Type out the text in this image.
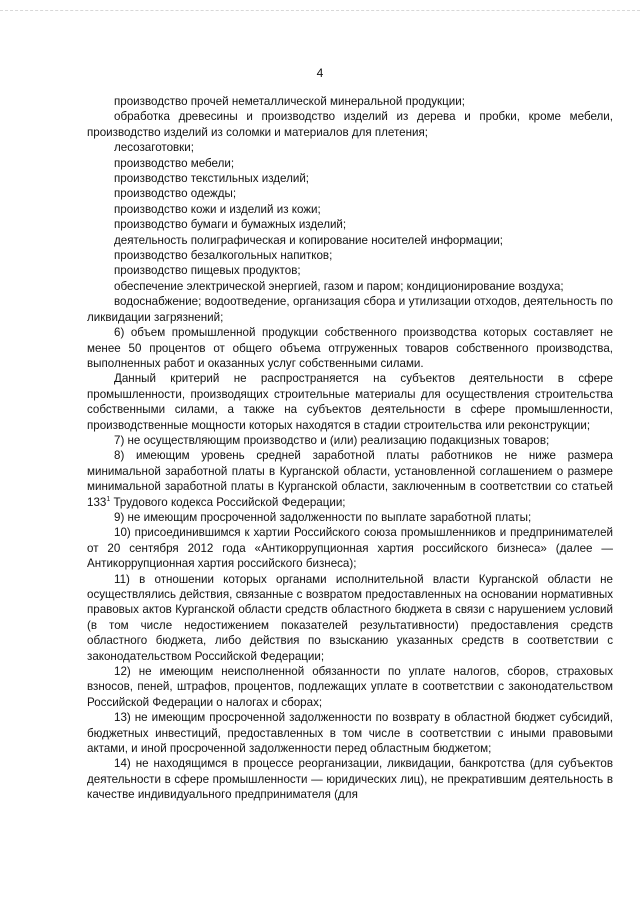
4

производство прочей неметаллической минеральной продукции;

обработка древесины и производство изделий из дерева и пробки, кроме мебели, производство изделий из соломки и материалов для плетения;

лесозаготовки;

производство мебели;

производство текстильных изделий;

производство одежды;

производство кожи и изделий из кожи;

производство бумаги и бумажных изделий;

деятельность полиграфическая и копирование носителей информации;

производство безалкогольных напитков;

производство пищевых продуктов;

обеспечение электрической энергией, газом и паром; кондиционирование воздуха;

водоснабжение; водоотведение, организация сбора и утилизации отходов, деятельность по ликвидации загрязнений;

6) объем промышленной продукции собственного производства которых составляет не менее 50 процентов от общего объема отгруженных товаров собственного производства, выполненных работ и оказанных услуг собственными силами.

Данный критерий не распространяется на субъектов деятельности в сфере промышленности, производящих строительные материалы для осуществления строительства собственными силами, а также на субъектов деятельности в сфере промышленности, производственные мощности которых находятся в стадии строительства или реконструкции;

7) не осуществляющим производство и (или) реализацию подакцизных товаров;

8) имеющим уровень средней заработной платы работников не ниже размера минимальной заработной платы в Курганской области, установленной соглашением о размере минимальной заработной платы в Курганской области, заключенным в соответствии со статьей $133^1$ Трудового кодекса Российской Федерации;

9) не имеющим просроченной задолженности по выплате заработной платы;

10) присоединившимся к хартии Российского союза промышленников и предпринимателей от 20 сентября 2012 года «Антикоррупционная хартия российского бизнеса» (далее — Антикоррупционная хартия российского бизнеса);

11) в отношении которых органами исполнительной власти Курганской области не осуществлялись действия, связанные с возвратом предоставленных на основании нормативных правовых актов Курганской области средств областного бюджета в связи с нарушением условий (в том числе недостижением показателей результативности) предоставления средств областного бюджета, либо действия по взысканию указанных средств в соответствии с законодательством Российской Федерации;

12) не имеющим неисполненной обязанности по уплате налогов, сборов, страховых взносов, пеней, штрафов, процентов, подлежащих уплате в соответствии с законодательством Российской Федерации о налогах и сборах;

13) не имеющим просроченной задолженности по возврату в областной бюджет субсидий, бюджетных инвестиций, предоставленных в том числе в соответствии с иными правовыми актами, и иной просроченной задолженности перед областным бюджетом;

14) не находящимся в процессе реорганизации, ликвидации, банкротства (для субъектов деятельности в сфере промышленности — юридических лиц), не прекратившим деятельность в качестве индивидуального предпринимателя (для
